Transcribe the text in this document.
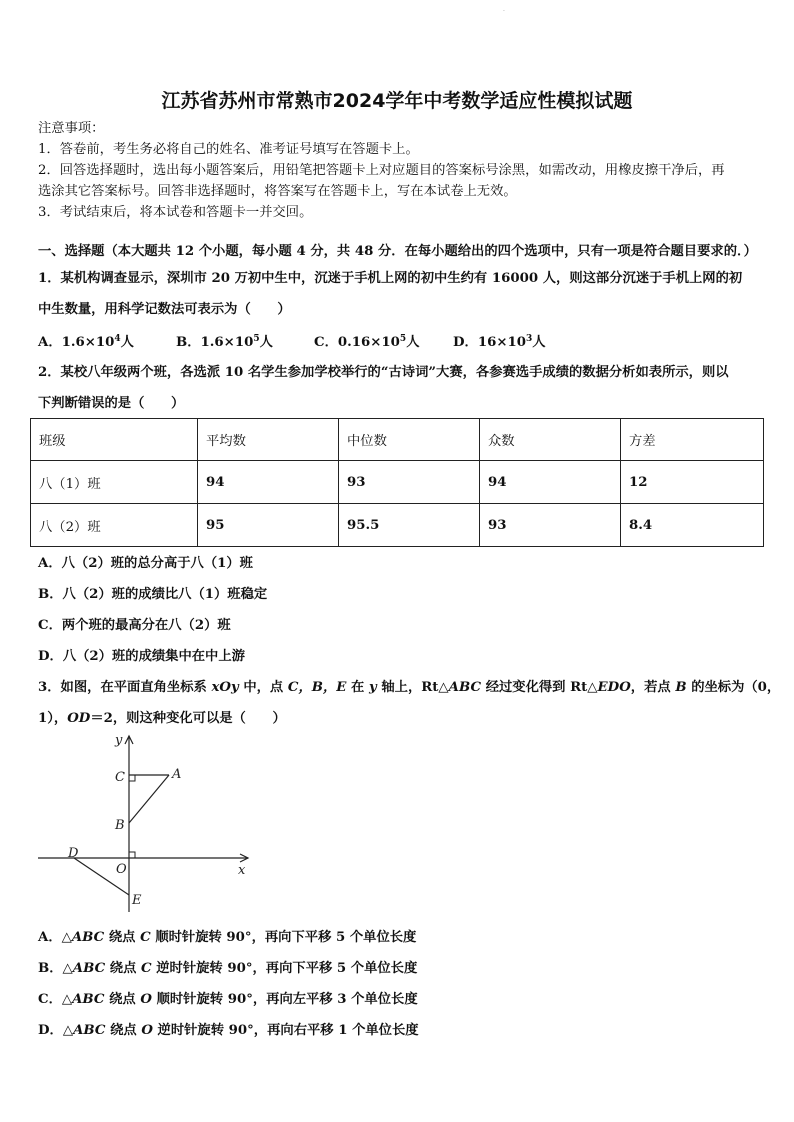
.
江苏省苏州市常熟市2024学年中考数学适应性模拟试题
注意事项：
1．答卷前，考生务必将自己的姓名、准考证号填写在答题卡上。
2．回答选择题时，选出每小题答案后，用铅笔把答题卡上对应题目的答案标号涂黑，如需改动，用橡皮擦干净后，再
选涂其它答案标号。回答非选择题时，将答案写在答题卡上，写在本试卷上无效。
3．考试结束后，将本试卷和答题卡一并交回。
一、选择题（本大题共 12 个小题，每小题 4 分，共 48 分．在每小题给出的四个选项中，只有一项是符合题目要求的．）
1．某机构调查显示，深圳市 20 万初中生中，沉迷于手机上网的初中生约有 16000 人，则这部分沉迷于手机上网的初
中生数量，用科学记数法可表示为（　　）
A．$1.6\times 10^4$人	B．$1.6\times 10^5$人	C．$0.16\times 10^5$人	D．$16\times 10^3$人
2．某校八年级两个班，各选派 10 名学生参加学校举行的“古诗词”大赛，各参赛选手成绩的数据分析如表所示，则以
下判断错误的是（　　）
班级	平均数	中位数	众数	方差
八（1）班	94	93	94	12
八（2）班	95	95.5	93	8.4
A．八（2）班的总分高于八（1）班
B．八（2）班的成绩比八（1）班稳定
C．两个班的最高分在八（2）班
D．八（2）班的成绩集中在中上游
3．如图，在平面直角坐标系 xOy 中，点 C，B，E 在 y 轴上，Rt△ABC 经过变化得到 Rt△EDO，若点 B 的坐标为（0，
1），OD＝2，则这种变化可以是（　　）
y
x
C	A
B
D
O
E
A．△ABC 绕点 C 顺时针旋转 90°，再向下平移 5 个单位长度
B．△ABC 绕点 C 逆时针旋转 90°，再向下平移 5 个单位长度
C．△ABC 绕点 O 顺时针旋转 90°，再向左平移 3 个单位长度
D．△ABC 绕点 O 逆时针旋转 90°，再向右平移 1 个单位长度
